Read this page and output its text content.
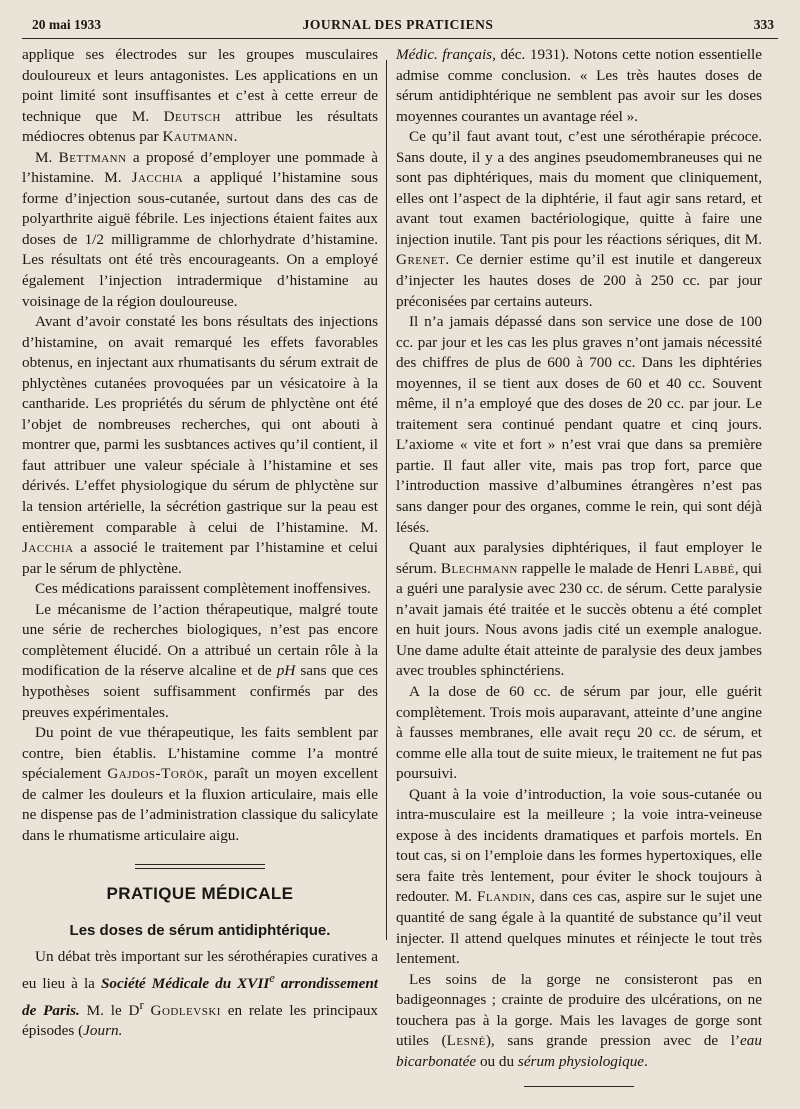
20 mai 1933	JOURNAL DES PRATICIENS	333

applique ses électrodes sur les groupes musculaires douloureux et leurs antagonistes. Les applications en un point limité sont insuffisantes et c’est à cette erreur de technique que M. Deutsch attribue les résultats médiocres obtenus par Kautmann.

M. Bettmann a proposé d’employer une pommade à l’histamine. M. Jacchia a appliqué l’histamine sous forme d’injection sous-cutanée, surtout dans des cas de polyarthrite aiguë fébrile. Les injections étaient faites aux doses de 1/2 milligramme de chlorhydrate d’histamine. Les résultats ont été très encourageants. On a employé également l’injection intradermique d’histamine au voisinage de la région douloureuse.

Avant d’avoir constaté les bons résultats des injections d’histamine, on avait remarqué les effets favorables obtenus, en injectant aux rhumatisants du sérum extrait de phlyctènes cutanées provoquées par un vésicatoire à la cantharide. Les propriétés du sérum de phlyctène ont été l’objet de nombreuses recherches, qui ont abouti à montrer que, parmi les susbtances actives qu’il contient, il faut attribuer une valeur spéciale à l’histamine et ses dérivés. L’effet physiologique du sérum de phlyctène sur la tension artérielle, la sécrétion gastrique sur la peau est entièrement comparable à celui de l’histamine. M. Jacchia a associé le traitement par l’histamine et celui par le sérum de phlyctène.

Ces médications paraissent complètement inoffensives.

Le mécanisme de l’action thérapeutique, malgré toute une série de recherches biologiques, n’est pas encore complètement élucidé. On a attribué un certain rôle à la modification de la réserve alcaline et de pH sans que ces hypothèses soient suffisamment confirmés par des preuves expérimentales.

Du point de vue thérapeutique, les faits semblent par contre, bien établis. L’histamine comme l’a montré spécialement Gajdos-Torök, paraît un moyen excellent de calmer les douleurs et la fluxion articulaire, mais elle ne dispense pas de l’administration classique du salicylate dans le rhumatisme articulaire aigu.

PRATIQUE MÉDICALE
Les doses de sérum antidiphtérique.

Un débat très important sur les sérothérapies curatives a eu lieu à la Société Médicale du XVIIe arrondissement de Paris. M. le $D^r$ Godlevski en relate les principaux épisodes (Journ.

Médic. français, déc. 1931). Notons cette notion essentielle admise comme conclusion. « Les très hautes doses de sérum antidiphtérique ne semblent pas avoir sur les doses moyennes courantes un avantage réel ».

Ce qu’il faut avant tout, c’est une sérothérapie précoce. Sans doute, il y a des angines pseudomembraneuses qui ne sont pas diphtériques, mais du moment que cliniquement, elles ont l’aspect de la diphtérie, il faut agir sans retard, et avant tout examen bactériologique, quitte à faire une injection inutile. Tant pis pour les réactions sériques, dit M. Grenet. Ce dernier estime qu’il est inutile et dangereux d’injecter les hautes doses de 200 à 250 cc. par jour préconisées par certains auteurs.

Il n’a jamais dépassé dans son service une dose de 100 cc. par jour et les cas les plus graves n’ont jamais nécessité des chiffres de plus de 600 à 700 cc. Dans les diphtéries moyennes, il se tient aux doses de 60 et 40 cc. Souvent même, il n’a employé que des doses de 20 cc. par jour. Le traitement sera continué pendant quatre et cinq jours. L’axiome « vite et fort » n’est vrai que dans sa première partie. Il faut aller vite, mais pas trop fort, parce que l’introduction massive d’albumines étrangères n’est pas sans danger pour des organes, comme le rein, qui sont déjà lésés.

Quant aux paralysies diphtériques, il faut employer le sérum. Blechmann rappelle le malade de Henri Labbé, qui a guéri une paralysie avec 230 cc. de sérum. Cette paralysie n’avait jamais été traitée et le succès obtenu a été complet en huit jours. Nous avons jadis cité un exemple analogue. Une dame adulte était atteinte de paralysie des deux jambes avec troubles sphinctériens.

A la dose de 60 cc. de sérum par jour, elle guérit complètement. Trois mois auparavant, atteinte d’une angine à fausses membranes, elle avait reçu 20 cc. de sérum, et comme elle alla tout de suite mieux, le traitement ne fut pas poursuivi.

Quant à la voie d’introduction, la voie sous-cutanée ou intra-musculaire est la meilleure ; la voie intra-veineuse expose à des incidents dramatiques et parfois mortels. En tout cas, si on l’emploie dans les formes hypertoxiques, elle sera faite très lentement, pour éviter le shock toujours à redouter. M. Flandin, dans ces cas, aspire sur le sujet une quantité de sang égale à la quantité de substance qu’il veut injecter. Il attend quelques minutes et réinjecte le tout très lentement.

Les soins de la gorge ne consisteront pas en badigeonnages ; crainte de produire des ulcérations, on ne touchera pas à la gorge. Mais les lavages de gorge sont utiles (Lesné), sans grande pression avec de l’eau bicarbonatée ou du sérum physiologique.
